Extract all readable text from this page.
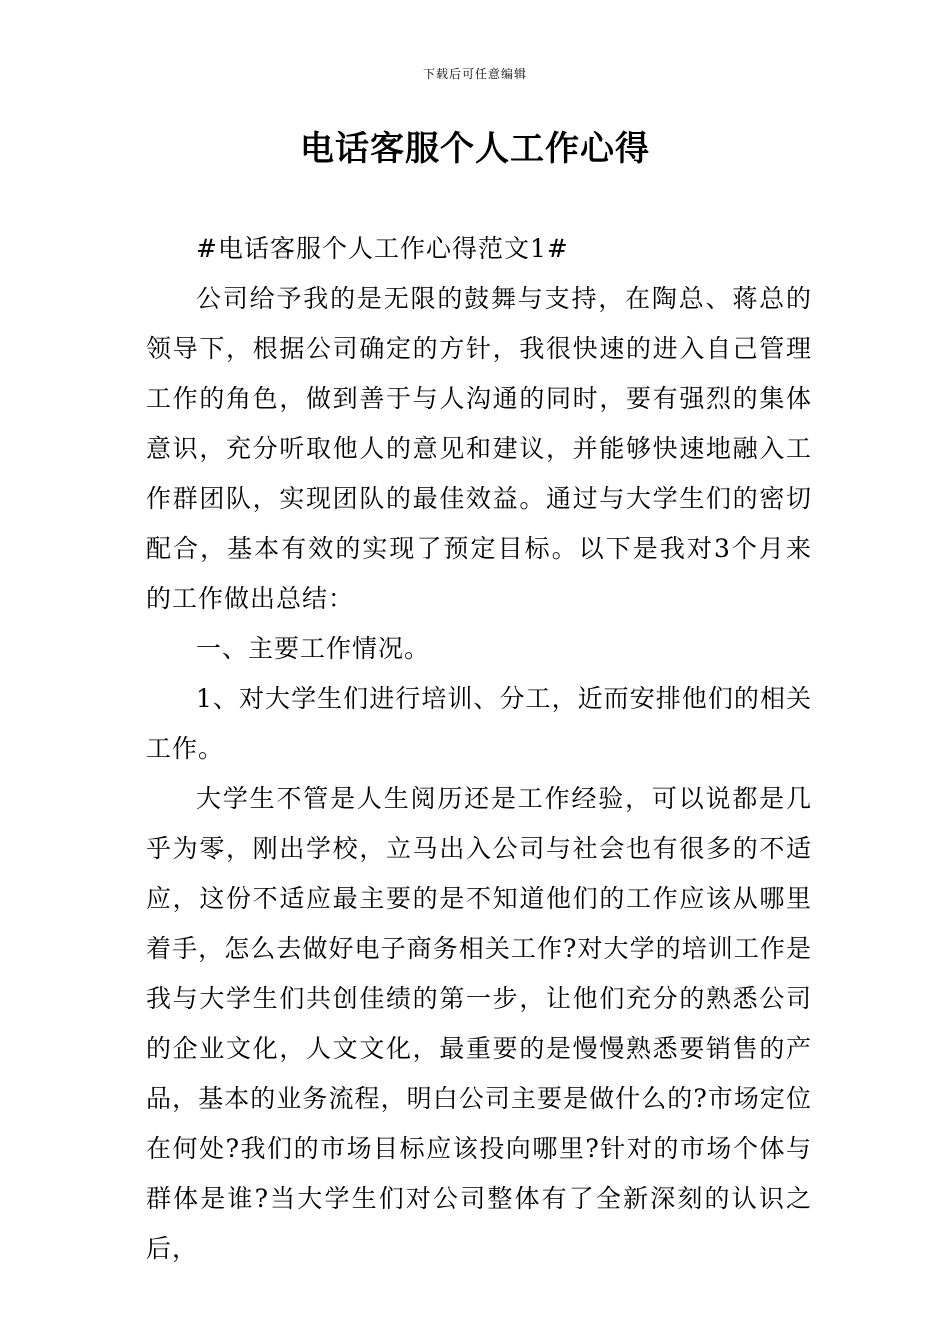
下载后可任意编辑
电话客服个人工作心得

#电话客服个人工作心得范文1#

公司给予我的是无限的鼓舞与支持，在陶总、蒋总的领导下，根据公司确定的方针，我很快速的进入自己管理工作的角色，做到善于与人沟通的同时，要有强烈的集体意识，充分听取他人的意见和建议，并能够快速地融入工作群团队，实现团队的最佳效益。通过与大学生们的密切配合，基本有效的实现了预定目标。以下是我对3个月来的工作做出总结：

一、主要工作情况。

1、对大学生们进行培训、分工，近而安排他们的相关工作。

大学生不管是人生阅历还是工作经验，可以说都是几乎为零，刚出学校，立马出入公司与社会也有很多的不适应，这份不适应最主要的是不知道他们的工作应该从哪里着手，怎么去做好电子商务相关工作?对大学的培训工作是我与大学生们共创佳绩的第一步，让他们充分的熟悉公司的企业文化，人文文化，最重要的是慢慢熟悉要销售的产品，基本的业务流程，明白公司主要是做什么的?市场定位在何处?我们的市场目标应该投向哪里?针对的市场个体与群体是谁?当大学生们对公司整体有了全新深刻的认识之后，
